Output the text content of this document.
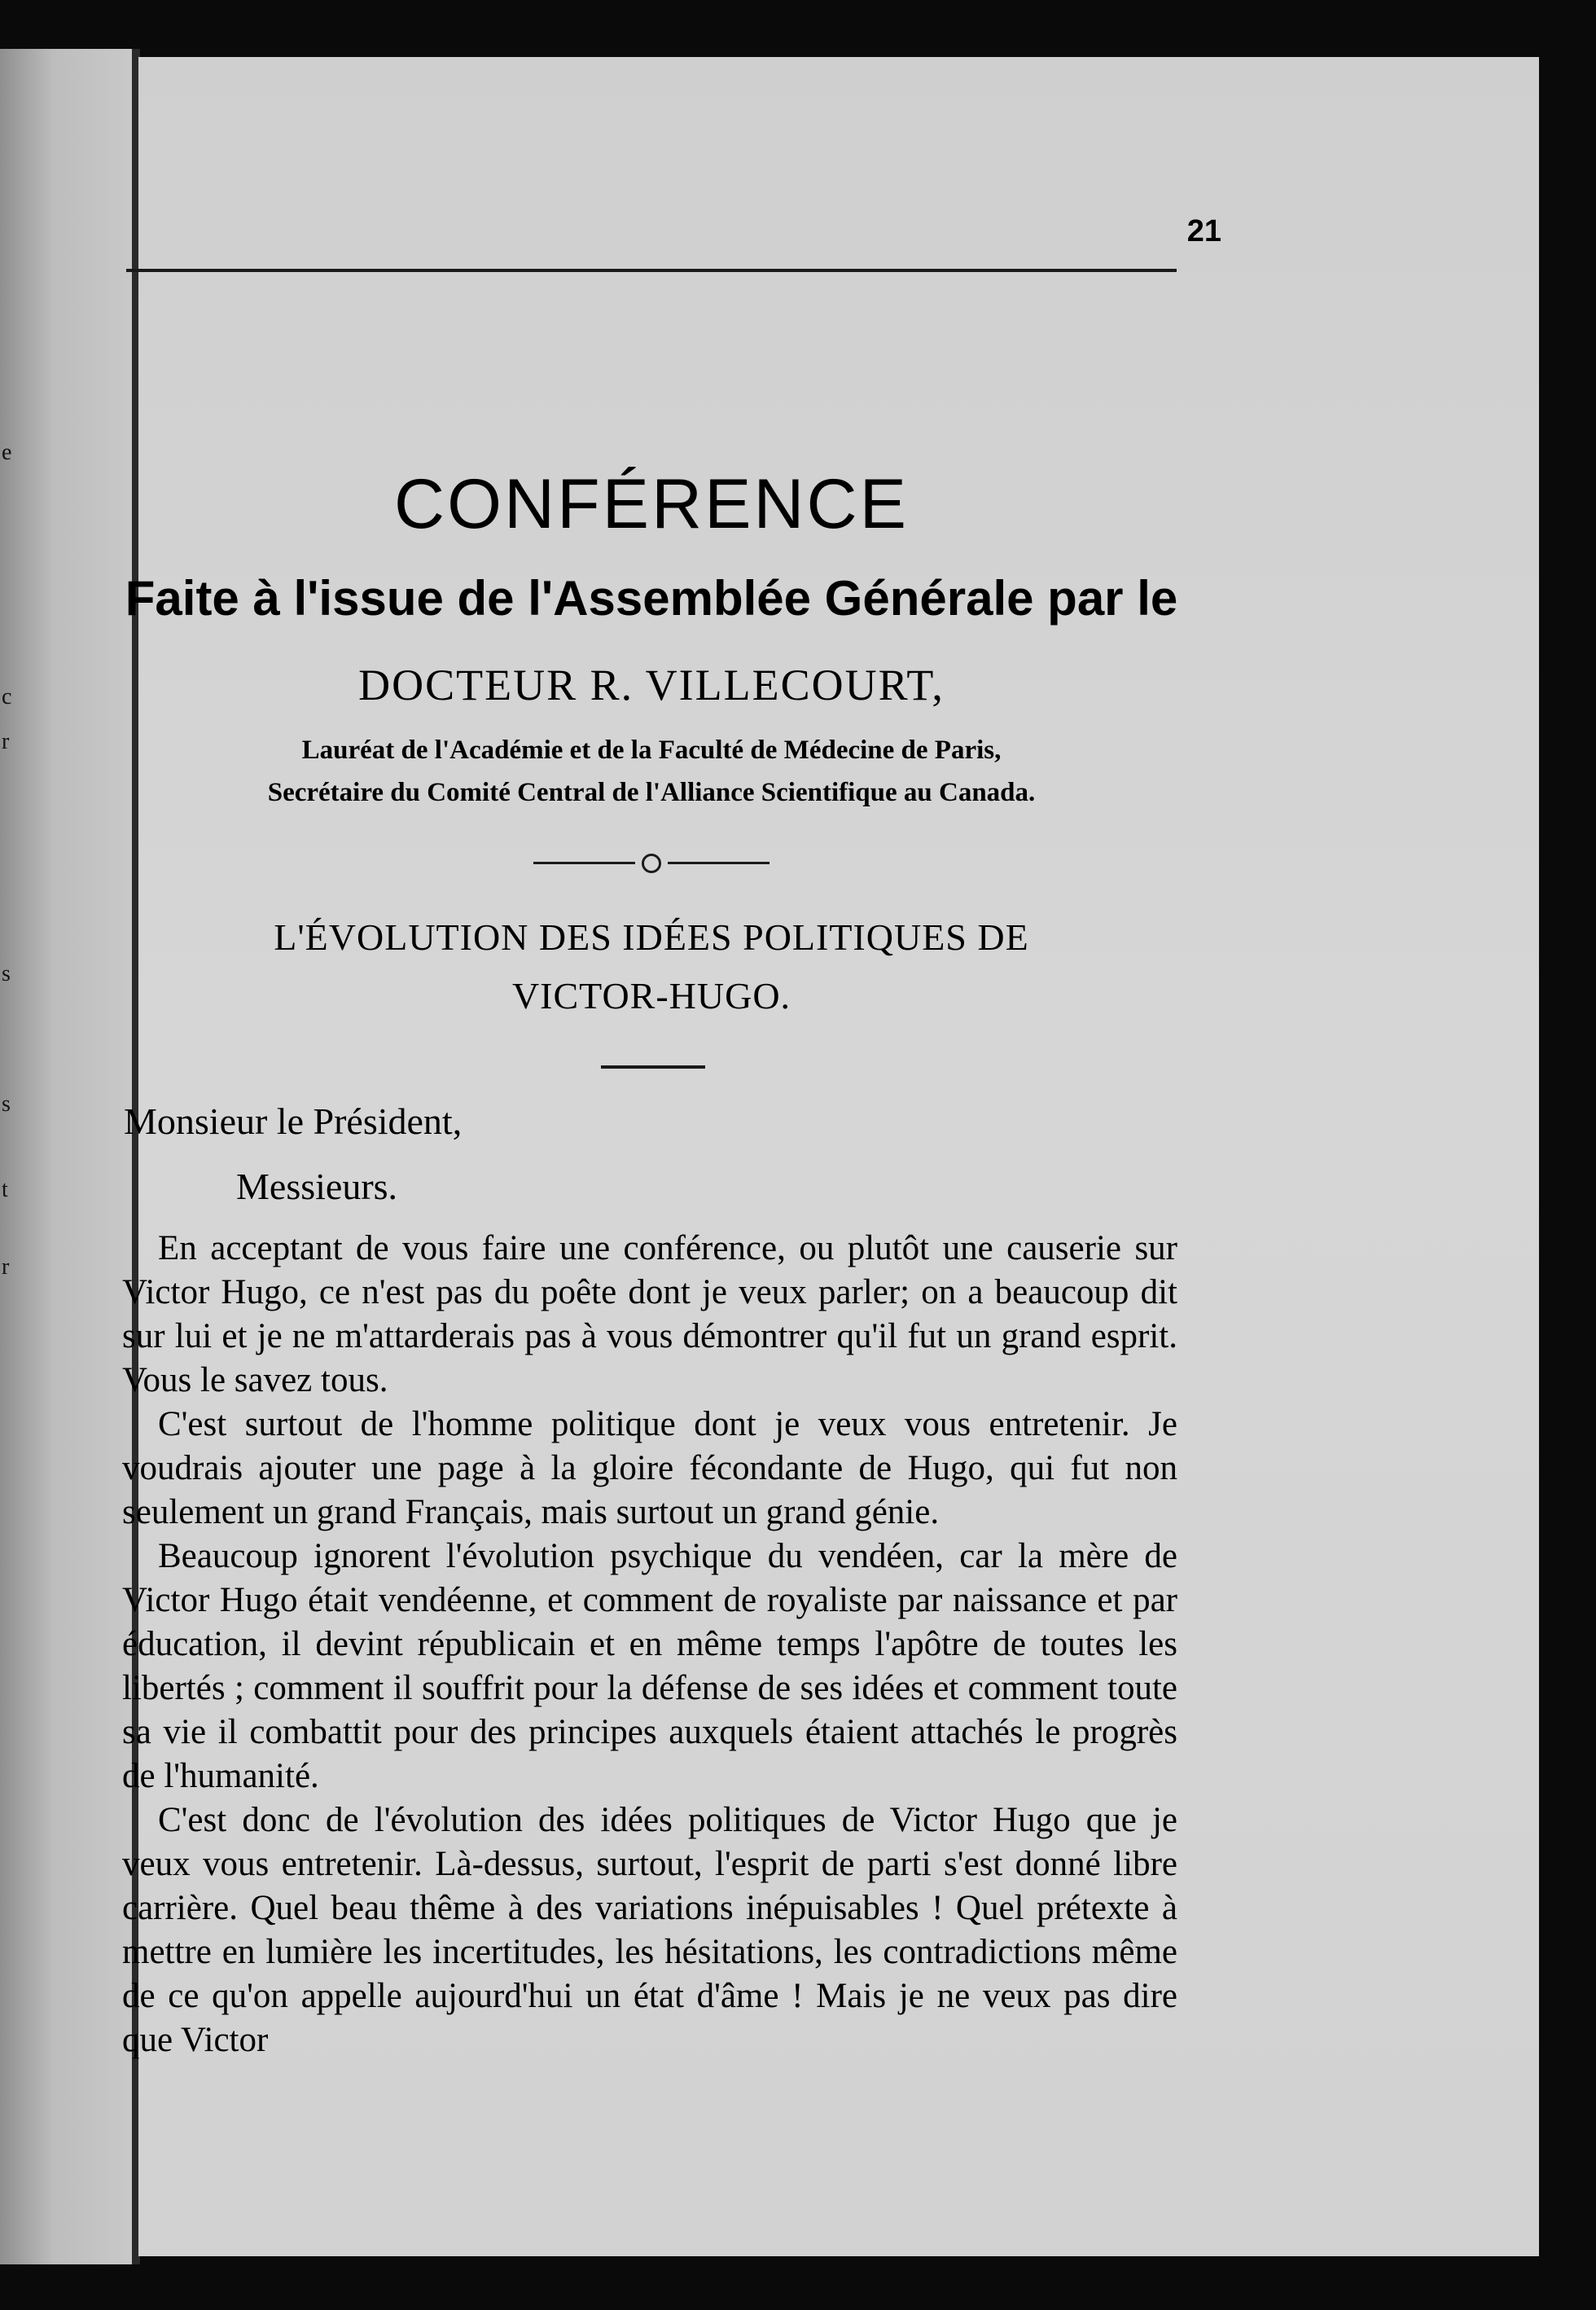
e
c
r
s
s
t
r
21
CONFÉRENCE
Faite à l'issue de l'Assemblée Générale par le
DOCTEUR R. VILLECOURT,
Lauréat de l'Académie et de la Faculté de Médecine de Paris,
Secrétaire du Comité Central de l'Alliance Scientifique au Canada.
L'ÉVOLUTION DES IDÉES POLITIQUES DE
VICTOR-HUGO.
Monsieur le Président,
Messieurs.

En acceptant de vous faire une conférence, ou plutôt une causerie sur Victor Hugo, ce n'est pas du poête dont je veux parler; on a beaucoup dit sur lui et je ne m'attarderais pas à vous démontrer qu'il fut un grand esprit. Vous le savez tous.

C'est surtout de l'homme politique dont je veux vous entretenir. Je voudrais ajouter une page à la gloire fécondante de Hugo, qui fut non seulement un grand Français, mais surtout un grand génie.

Beaucoup ignorent l'évolution psychique du vendéen, car la mère de Victor Hugo était vendéenne, et comment de royaliste par naissance et par éducation, il devint républicain et en même temps l'apôtre de toutes les libertés ; comment il souffrit pour la défense de ses idées et comment toute sa vie il combattit pour des principes auxquels étaient attachés le progrès de l'humanité.

C'est donc de l'évolution des idées politiques de Victor Hugo que je veux vous entretenir. Là-dessus, surtout, l'esprit de parti s'est donné libre carrière. Quel beau thême à des variations inépuisables ! Quel prétexte à mettre en lumière les incertitudes, les hésitations, les contradictions même de ce qu'on appelle aujourd'hui un état d'âme ! Mais je ne veux pas dire que Victor
